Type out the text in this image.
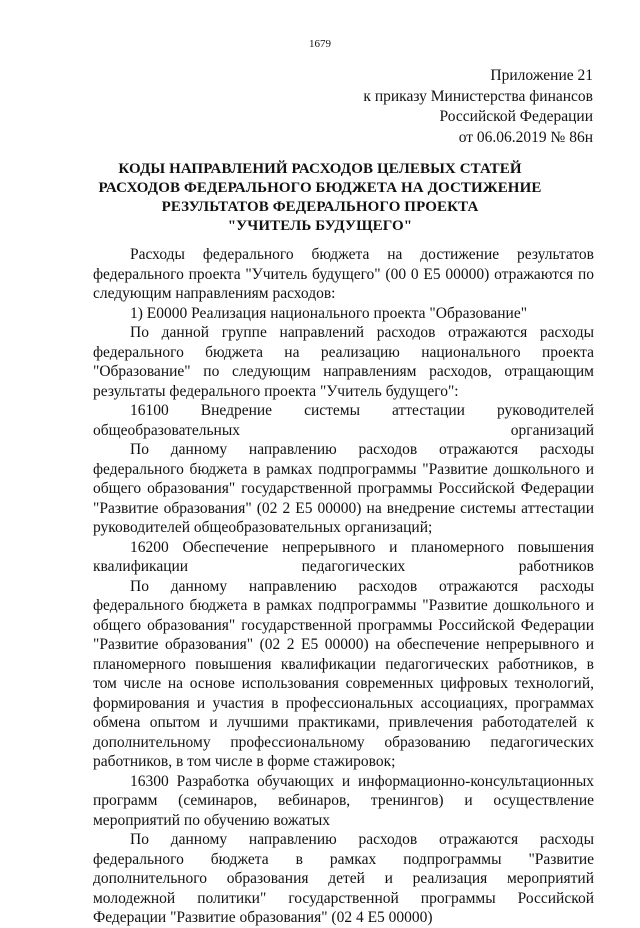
1679
Приложение 21
к приказу Министерства финансов
Российской Федерации
от 06.06.2019 № 86н
КОДЫ НАПРАВЛЕНИЙ РАСХОДОВ ЦЕЛЕВЫХ СТАТЕЙ
РАСХОДОВ ФЕДЕРАЛЬНОГО БЮДЖЕТА НА ДОСТИЖЕНИЕ
РЕЗУЛЬТАТОВ ФЕДЕРАЛЬНОГО ПРОЕКТА
"УЧИТЕЛЬ БУДУЩЕГО"

Расходы федерального бюджета на достижение результатов федерального проекта "Учитель будущего" (00 0 Е5 00000) отражаются по следующим направлениям расходов:

1) Е0000 Реализация национального проекта "Образование"

По данной группе направлений расходов отражаются расходы федерального бюджета на реализацию национального проекта "Образование" по следующим направлениям расходов, отращающим результаты федерального проекта "Учитель будущего":

16100 Внедрение системы аттестации руководителей общеобразовательных организаций

По данному направлению расходов отражаются расходы федерального бюджета в рамках подпрограммы "Развитие дошкольного и общего образования" государственной программы Российской Федерации "Развитие образования" (02 2 Е5 00000) на внедрение системы аттестации руководителей общеобразовательных организаций;

16200 Обеспечение непрерывного и планомерного повышения квалификации педагогических работников

По данному направлению расходов отражаются расходы федерального бюджета в рамках подпрограммы "Развитие дошкольного и общего образования" государственной программы Российской Федерации "Развитие образования" (02 2 Е5 00000) на обеспечение непрерывного и планомерного повышения квалификации педагогических работников, в том числе на основе использования современных цифровых технологий, формирования и участия в профессиональных ассоциациях, программах обмена опытом и лучшими практиками, привлечения работодателей к дополнительному профессиональному образованию педагогических работников, в том числе в форме стажировок;

16300 Разработка обучающих и информационно-консультационных программ (семинаров, вебинаров, тренингов) и осуществление мероприятий по обучению вожатых

По данному направлению расходов отражаются расходы федерального бюджета в рамках подпрограммы "Развитие дополнительного образования детей и реализация мероприятий молодежной политики" государственной программы Российской Федерации "Развитие образования" (02 4 Е5 00000)
